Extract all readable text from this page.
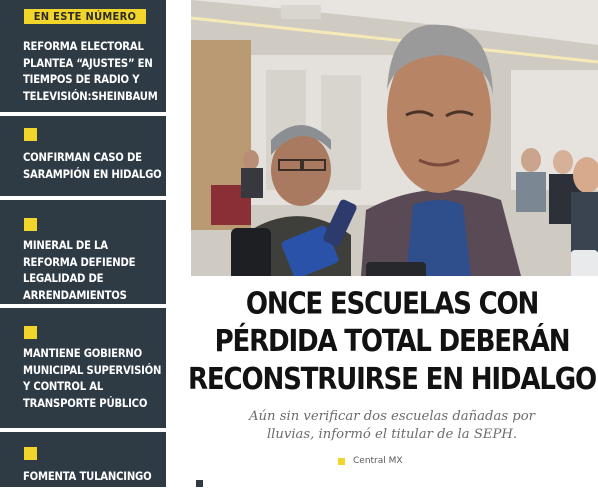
EN ESTE NÚMERO
REFORMA ELECTORAL PLANTEA “AJUSTES” EN TIEMPOS DE RADIO Y TELEVISIÓN:SHEINBAUM
CONFIRMAN CASO DE SARAMPIÓN EN HIDALGO
MINERAL DE LA REFORMA DEFIENDE LEGALIDAD DE ARRENDAMIENTOS
MANTIENE GOBIERNO MUNICIPAL SUPERVISIÓN Y CONTROL AL TRANSPORTE PÚBLICO
FOMENTA TULANCINGO
ONCE ESCUELAS CON
PÉRDIDA TOTAL DEBERÁN
RECONSTRUIRSE EN HIDALGO
Aún sin verificar dos escuelas dañadas por
lluvias, informó el titular de la SEPH.
Central MX
